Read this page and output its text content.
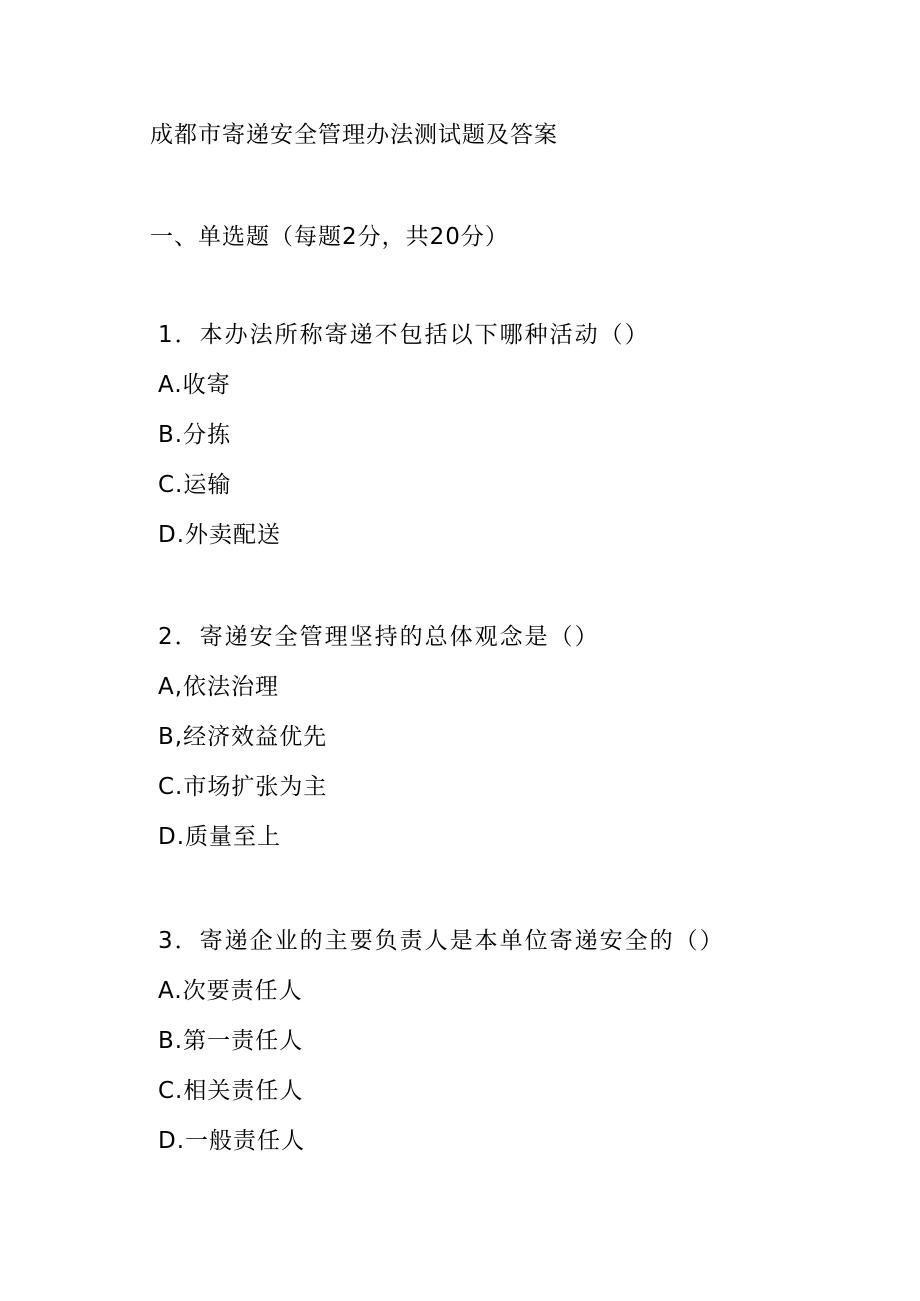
成都市寄递安全管理办法测试题及答案
一、单选题（每题2分，共20分）

1．本办法所称寄递不包括以下哪种活动（）

A.收寄
B.分拣
C.运输
D.外卖配送

2．寄递安全管理坚持的总体观念是（）

A,依法治理
B,经济效益优先
C.市场扩张为主
D.质量至上

3．寄递企业的主要负责人是本单位寄递安全的（）

A.次要责任人
B.第一责任人
C.相关责任人
D.一般责任人
